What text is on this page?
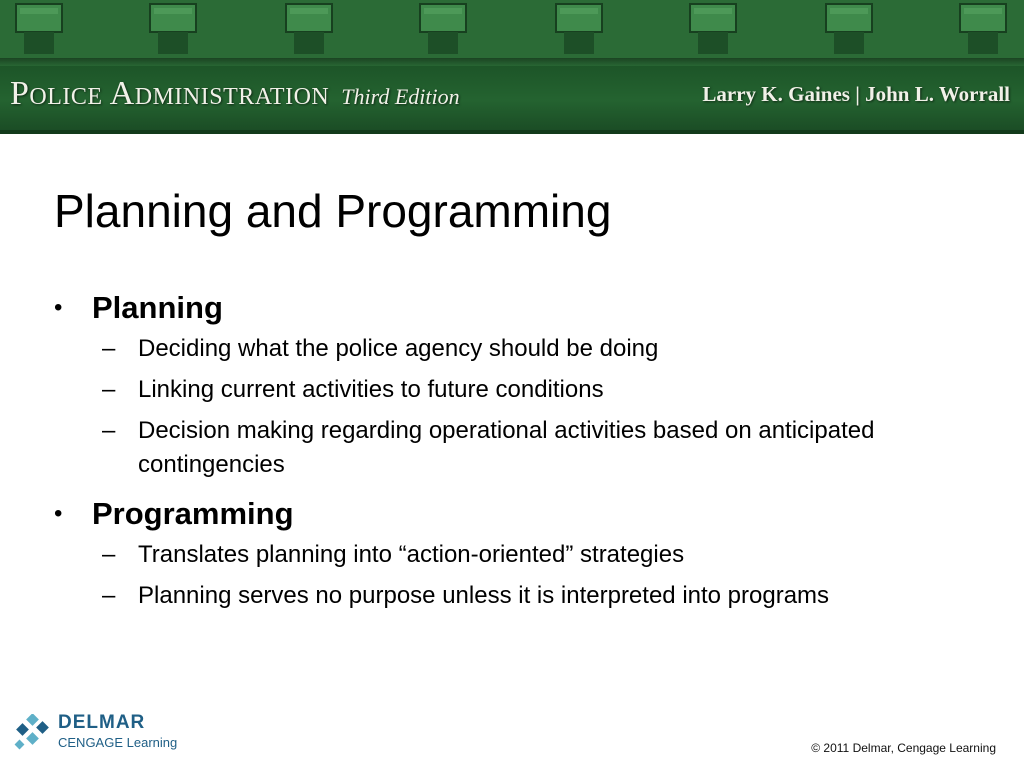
Police Administration Third Edition	Larry K. Gaines | John L. Worrall
Planning and Programming
• Planning
– Deciding what the police agency should be doing
– Linking current activities to future conditions
– Decision making regarding operational activities based on anticipated contingencies
• Programming
– Translates planning into “action-oriented” strategies
– Planning serves no purpose unless it is interpreted into programs
DELMAR
CENGAGE Learning	© 2011 Delmar, Cengage Learning
